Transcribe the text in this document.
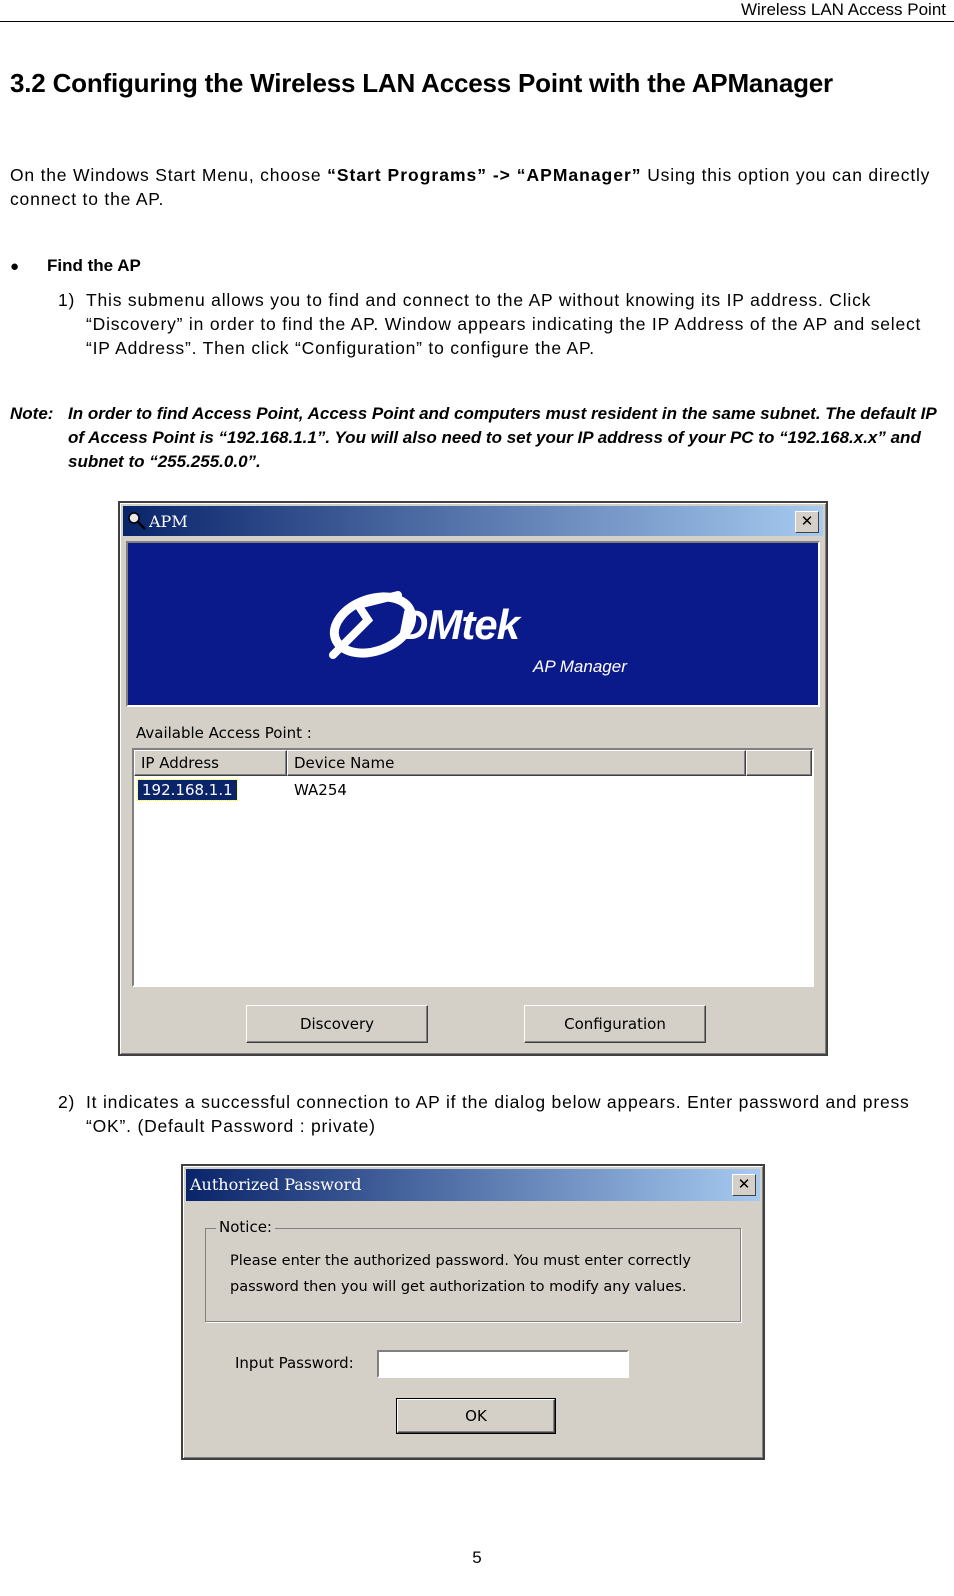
Wireless LAN Access Point
3.2 Configuring the Wireless LAN Access Point with the APManager
On the Windows Start Menu, choose “Start Programs” -> “APManager” Using this option you can directly connect to the AP.
● Find the AP
1) This submenu allows you to find and connect to the AP without knowing its IP address. Click “Discovery” in order to find the AP. Window appears indicating the IP Address of the AP and select “IP Address”. Then click “Configuration” to configure the AP.
Note: In order to find Access Point, Access Point and computers must resident in the same subnet. The default IP of Access Point is “192.168.1.1”. You will also need to set your IP address of your PC to “192.168.x.x” and subnet to “255.255.0.0”.
APM	✕
DMtek
AP Manager
Available Access Point :
IP Address	Device Name
192.168.1.1	WA254
Discovery	Configuration
2) It indicates a successful connection to AP if the dialog below appears. Enter password and press “OK”. (Default Password : private)
Authorized Password	✕
Notice:
Please enter the authorized password. You must enter correctly
password then you will get authorization to modify any values.
Input Password:
OK
5
